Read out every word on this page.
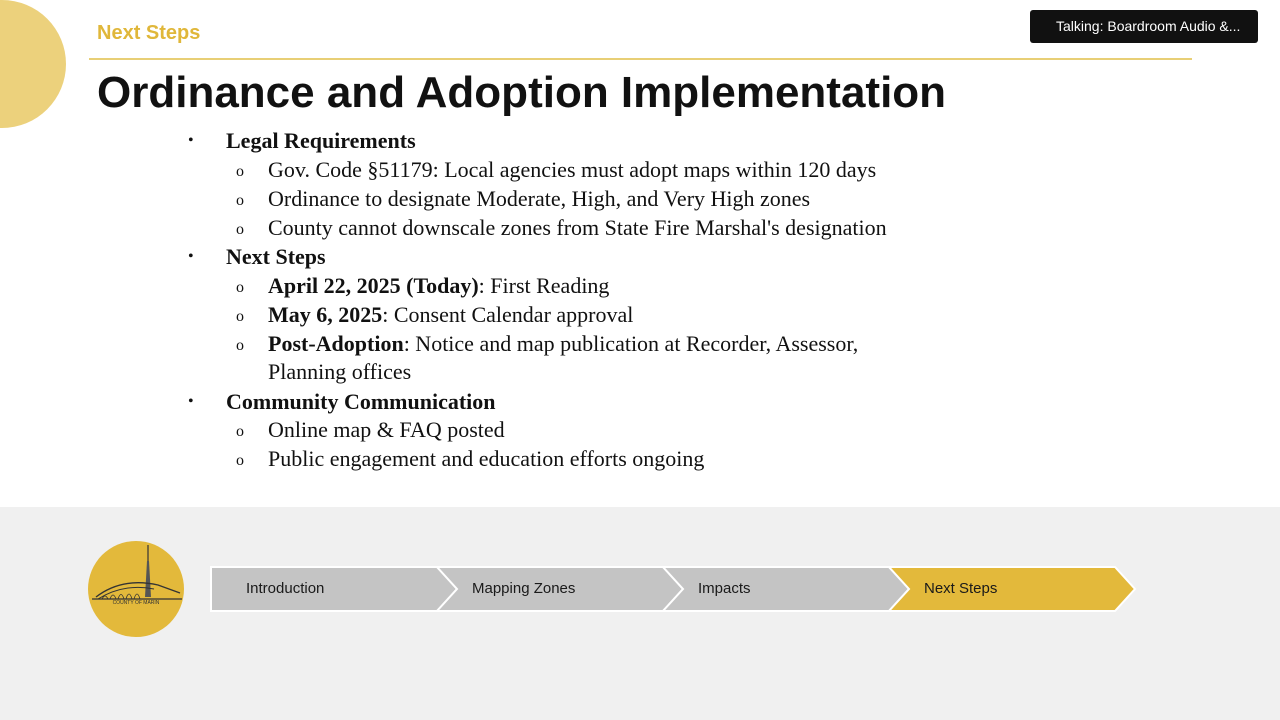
Next Steps
Ordinance and Adoption Implementation
Talking: Boardroom Audio &...
• Legal Requirements
o Gov. Code §51179: Local agencies must adopt maps within 120 days
o Ordinance to designate Moderate, High, and Very High zones
o County cannot downscale zones from State Fire Marshal's designation
• Next Steps
o April 22, 2025 (Today): First Reading
o May 6, 2025: Consent Calendar approval
o Post-Adoption: Notice and map publication at Recorder, Assessor, Planning offices
• Community Communication
o Online map & FAQ posted
o Public engagement and education efforts ongoing
COUNTY OF MARIN
Introduction	Mapping Zones	Impacts	Next Steps
